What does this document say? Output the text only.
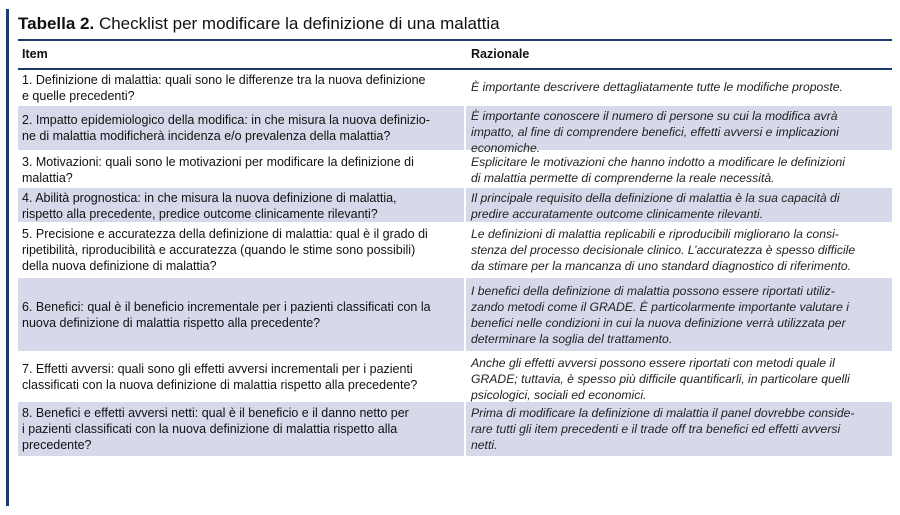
Tabella 2. Checklist per modificare la definizione di una malattia
Item	Razionale
1. Definizione di malattia: quali sono le differenze tra la nuova definizione
e quelle precedenti?
È importante descrivere dettagliatamente tutte le modifiche proposte.
2. Impatto epidemiologico della modifica: in che misura la nuova definizio-
ne di malattia modificherà incidenza e/o prevalenza della malattia?
È importante conoscere il numero di persone su cui la modifica avrà
impatto, al fine di comprendere benefici, effetti avversi e implicazioni
economiche.
3. Motivazioni: quali sono le motivazioni per modificare la definizione di
malattia?
Esplicitare le motivazioni che hanno indotto a modificare le definizioni
di malattia permette di comprenderne la reale necessità.
4. Abilità prognostica: in che misura la nuova definizione di malattia,
rispetto alla precedente, predice outcome clinicamente rilevanti?
Il principale requisito della definizione di malattia è la sua capacità di
predire accuratamente outcome clinicamente rilevanti.
5. Precisione e accuratezza della definizione di malattia: qual è il grado di
ripetibilità, riproducibilità e accuratezza (quando le stime sono possibili)
della nuova definizione di malattia?
Le definizioni di malattia replicabili e riproducibili migliorano la consi-
stenza del processo decisionale clinico. L’accuratezza è spesso difficile
da stimare per la mancanza di uno standard diagnostico di riferimento.
6. Benefici: qual è il beneficio incrementale per i pazienti classificati con la
nuova definizione di malattia rispetto alla precedente?
I benefici della definizione di malattia possono essere riportati utiliz-
zando metodi come il GRADE. È particolarmente importante valutare i
benefici nelle condizioni in cui la nuova definizione verrà utilizzata per
determinare la soglia del trattamento.
7. Effetti avversi: quali sono gli effetti avversi incrementali per i pazienti
classificati con la nuova definizione di malattia rispetto alla precedente?
Anche gli effetti avversi possono essere riportati con metodi quale il
GRADE; tuttavia, è spesso più difficile quantificarli, in particolare quelli
psicologici, sociali ed economici.
8. Benefici e effetti avversi netti: qual è il beneficio e il danno netto per
i pazienti classificati con la nuova definizione di malattia rispetto alla
precedente?
Prima di modificare la definizione di malattia il panel dovrebbe conside-
rare tutti gli item precedenti e il trade off tra benefici ed effetti avversi
netti.
